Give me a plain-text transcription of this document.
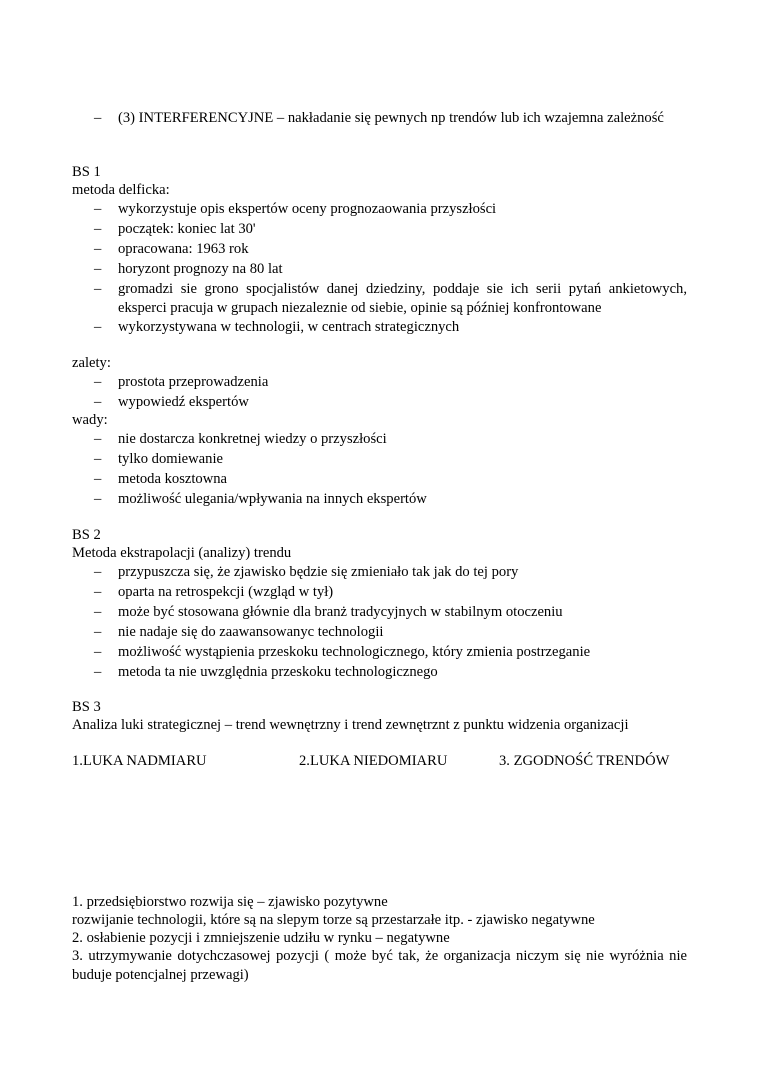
– (3) INTERFERENCYJNE – nakładanie się pewnych np trendów lub ich wzajemna zależność
BS 1
metoda delficka:
– wykorzystuje opis ekspertów oceny prognozaowania przyszłości
– początek: koniec lat 30'
– opracowana: 1963 rok
– horyzont prognozy na 80 lat
– gromadzi sie grono spocjalistów danej dziedziny, poddaje sie ich serii pytań ankietowych, eksperci pracuja w grupach niezaleznie od siebie, opinie są później konfrontowane
– wykorzystywana w technologii, w centrach strategicznych
zalety:
– prostota przeprowadzenia
– wypowiedź ekspertów
wady:
– nie dostarcza konkretnej wiedzy o przyszłości
– tylko domiewanie
– metoda kosztowna
– możliwość ulegania/wpływania na innych ekspertów
BS 2
Metoda ekstrapolacji (analizy) trendu
– przypuszcza się, że zjawisko będzie się zmieniało tak jak do tej pory
– oparta na retrospekcji (wzgląd w tył)
– może być stosowana głównie dla branż tradycyjnych w stabilnym otoczeniu
– nie nadaje się do zaawansowanyc technologii
– możliwość wystąpienia przeskoku technologicznego, który zmienia postrzeganie
– metoda ta nie uwzględnia przeskoku technologicznego
BS 3
Analiza luki strategicznej – trend wewnętrzny i trend zewnętrznt z punktu widzenia organizacji
1.LUKA NADMIARU	2.LUKA NIEDOMIARU	3. ZGODNOŚĆ TRENDÓW
1. przedsiębiorstwo rozwija się – zjawisko pozytywne
rozwijanie technologii, które są na slepym torze są przestarzałe itp. - zjawisko negatywne
2. osłabienie pozycji i zmniejszenie udziłu w rynku – negatywne
3. utrzymywanie dotychczasowej pozycji ( może być tak, że organizacja niczym się nie wyróżnia nie buduje potencjalnej przewagi)
